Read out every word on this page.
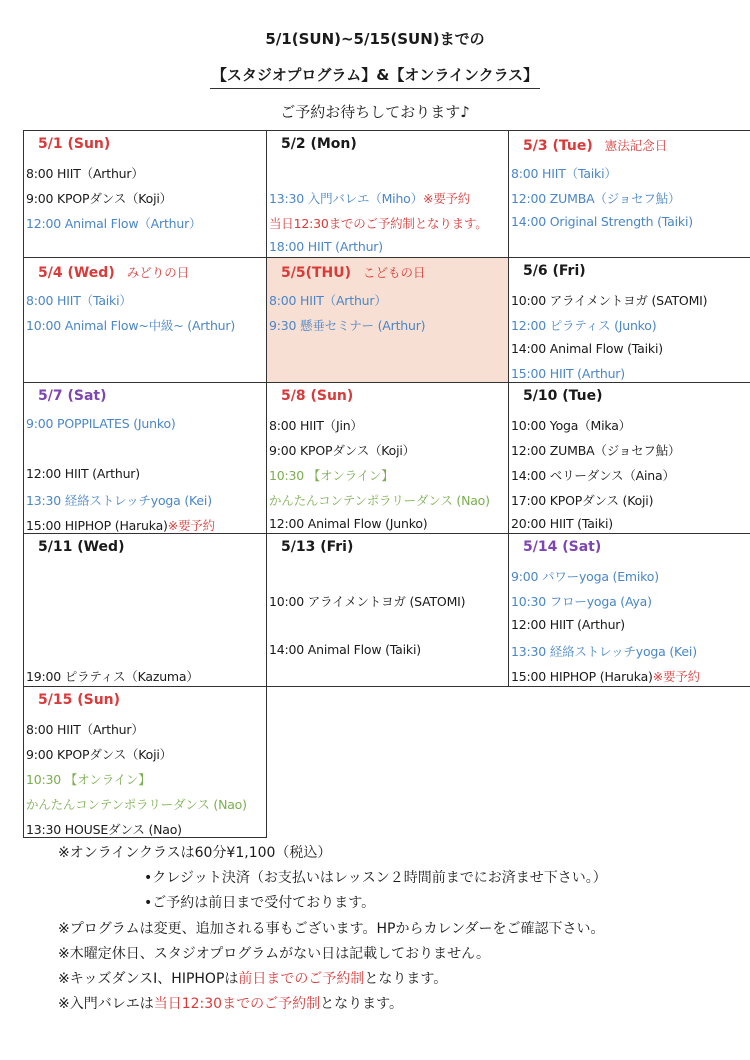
5/1(SUN)~5/15(SUN)までの
【スタジオプログラム】&【オンラインクラス】
ご予約お待ちしております♪
5/1 (Sun)
8:00 HIIT（Arthur）
9:00 KPOPダンス（Koji）
12:00 Animal Flow（Arthur）
5/2 (Mon)
13:30 入門バレエ（Miho）※要予約
当日12:30までのご予約制となります。
18:00 HIIT (Arthur)
5/3 (Tue) 憲法記念日
8:00 HIIT（Taiki）
12:00 ZUMBA（ジョセフ鮎）
14:00 Original Strength (Taiki)
5/4 (Wed) みどりの日
8:00 HIIT（Taiki）
10:00 Animal Flow~中級~ (Arthur)
5/5(THU) こどもの日
8:00 HIIT（Arthur）
9:30 懸垂セミナー (Arthur)
5/6 (Fri)
10:00 アライメントヨガ (SATOMI)
12:00 ピラティス (Junko)
14:00 Animal Flow (Taiki)
15:00 HIIT (Arthur)
5/7 (Sat)
9:00 POPPILATES (Junko)
12:00 HIIT (Arthur)
13:30 経絡ストレッチyoga (Kei)
15:00 HIPHOP (Haruka)※要予約
5/8 (Sun)
8:00 HIIT（Jin）
9:00 KPOPダンス（Koji）
10:30 【オンライン】
かんたんコンテンポラリーダンス (Nao)
12:00 Animal Flow (Junko)
5/10 (Tue)
10:00 Yoga（Mika）
12:00 ZUMBA（ジョセフ鮎）
14:00 ベリーダンス（Aina）
17:00 KPOPダンス (Koji)
20:00 HIIT (Taiki)
5/11 (Wed)
19:00 ピラティス（Kazuma）
5/13 (Fri)
10:00 アライメントヨガ (SATOMI)
14:00 Animal Flow (Taiki)
5/14 (Sat)
9:00 パワーyoga (Emiko)
10:30 フローyoga (Aya)
12:00 HIIT (Arthur)
13:30 経絡ストレッチyoga (Kei)
15:00 HIPHOP (Haruka)※要予約
5/15 (Sun)
8:00 HIIT（Arthur）
9:00 KPOPダンス（Koji）
10:30 【オンライン】
かんたんコンテンポラリーダンス (Nao)
13:30 HOUSEダンス (Nao)
※オンラインクラスは60分¥1,100（税込）
•クレジット決済（お支払いはレッスン２時間前までにお済ませ下さい。）
•ご予約は前日まで受付ております。
※プログラムは変更、追加される事もございます。HPからカレンダーをご確認下さい。
※木曜定休日、スタジオプログラムがない日は記載しておりません。
※キッズダンスⅠ、HIPHOPは前日までのご予約制となります。
※入門バレエは当日12:30までのご予約制となります。
